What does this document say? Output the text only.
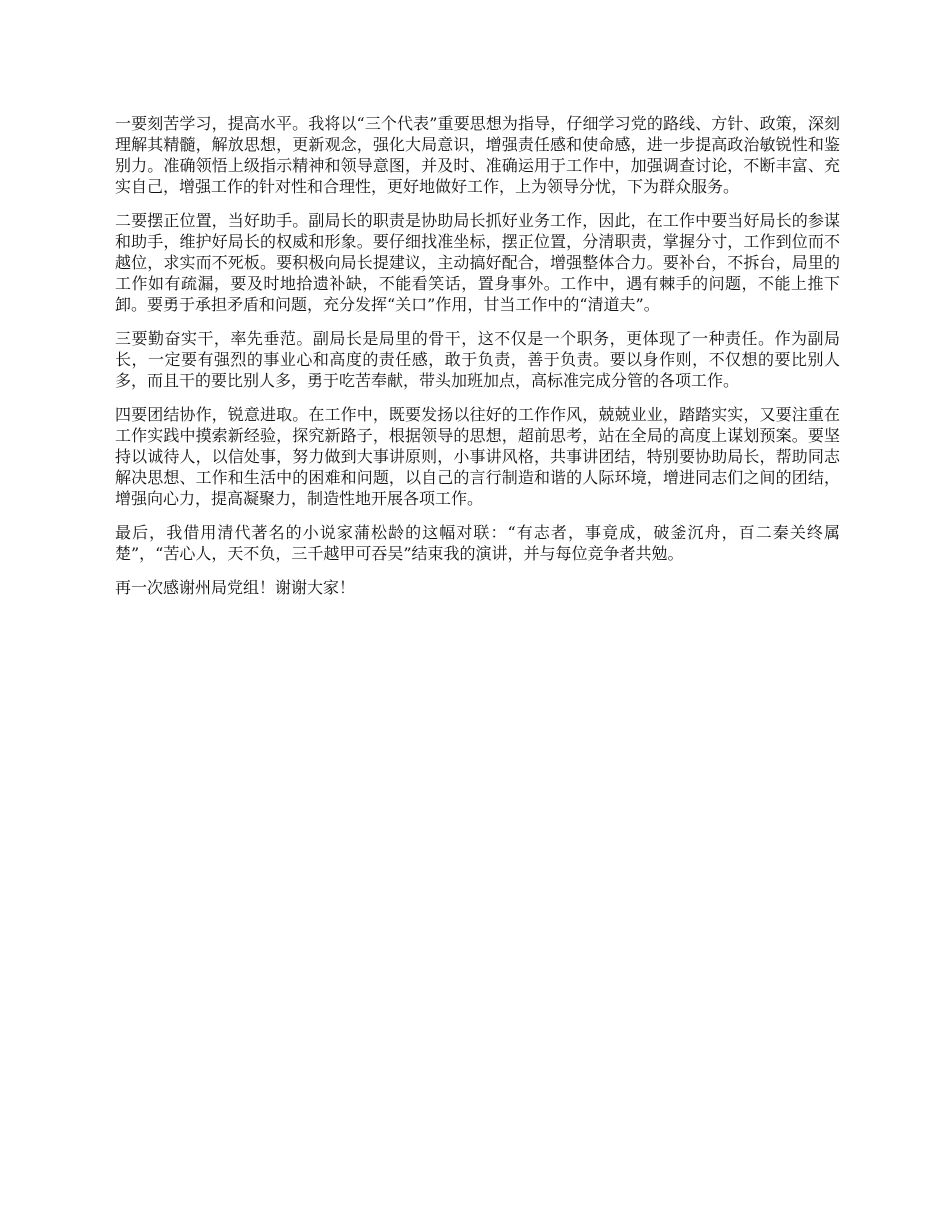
一要刻苦学习，提高水平。我将以“三个代表”重要思想为指导，仔细学习党的路线、方针、政策，深刻理解其精髓，解放思想，更新观念，强化大局意识，增强责任感和使命感，进一步提高政治敏锐性和鉴别力。准确领悟上级指示精神和领导意图，并及时、准确运用于工作中，加强调查讨论，不断丰富、充实自己，增强工作的针对性和合理性，更好地做好工作，上为领导分忧，下为群众服务。

二要摆正位置，当好助手。副局长的职责是协助局长抓好业务工作，因此，在工作中要当好局长的参谋和助手，维护好局长的权威和形象。要仔细找准坐标，摆正位置，分清职责，掌握分寸，工作到位而不越位，求实而不死板。要积极向局长提建议，主动搞好配合，增强整体合力。要补台，不拆台，局里的工作如有疏漏，要及时地拾遗补缺，不能看笑话，置身事外。工作中，遇有棘手的问题，不能上推下卸。要勇于承担矛盾和问题，充分发挥“关口”作用，甘当工作中的“清道夫”。

三要勤奋实干，率先垂范。副局长是局里的骨干，这不仅是一个职务，更体现了一种责任。作为副局长，一定要有强烈的事业心和高度的责任感，敢于负责，善于负责。要以身作则，不仅想的要比别人多，而且干的要比别人多，勇于吃苦奉献，带头加班加点，高标准完成分管的各项工作。

四要团结协作，锐意进取。在工作中，既要发扬以往好的工作作风，兢兢业业，踏踏实实，又要注重在工作实践中摸索新经验，探究新路子，根据领导的思想，超前思考，站在全局的高度上谋划预案。要坚持以诚待人，以信处事，努力做到大事讲原则，小事讲风格，共事讲团结，特别要协助局长，帮助同志解决思想、工作和生活中的困难和问题，以自己的言行制造和谐的人际环境，增进同志们之间的团结，增强向心力，提高凝聚力，制造性地开展各项工作。

最后，我借用清代著名的小说家蒲松龄的这幅对联：“有志者，事竟成，破釜沉舟，百二秦关终属楚”，“苦心人，天不负，三千越甲可吞吴”结束我的演讲，并与每位竞争者共勉。

再一次感谢州局党组！谢谢大家！
